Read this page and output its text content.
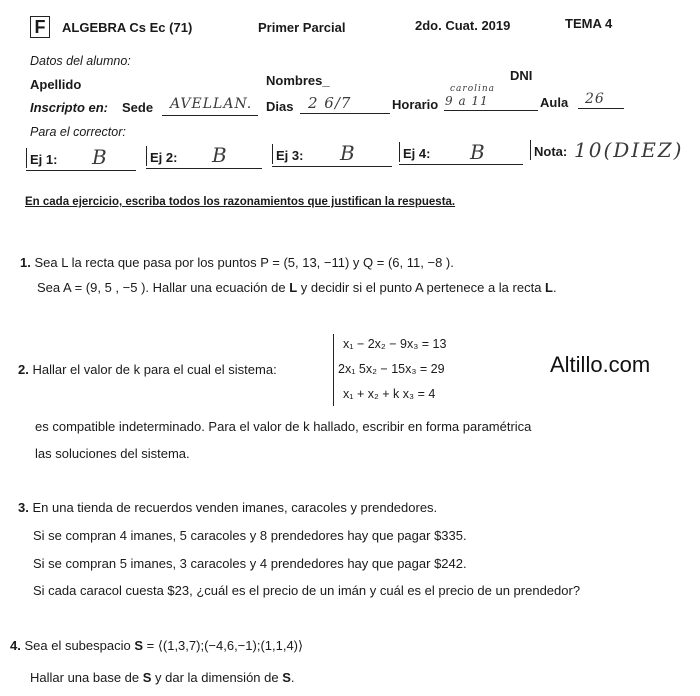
F	ALGEBRA Cs Ec (71)	Primer Parcial	2do. Cuat. 2019	TEMA 4
Datos del alumno:
Apellido	Nombres_	DNI
Inscripto en: Sede AVELLAN. Dias 2 6/7	Horario
carolina
9 a 11	Aula 26
Para el corrector:
Ej 1: B	Ej 2: B	Ej 3: B	Ej 4: B	Nota: 10(DIEZ)
En cada ejercicio, escriba todos los razonamientos que justifican la respuesta.
1. Sea L la recta que pasa por los puntos P = (5, 13, −11) y Q = (6, 11, −8 ).
Sea A = (9, 5 , −5 ). Hallar una ecuación de L y decidir si el punto A pertenece a la recta L.
2. Hallar el valor de k para el cual el sistema:
x₁ − 2x₂ − 9x₃ = 13
2x₁ 5x₂ − 15x₃ = 29
x₁ + x₂ + k x₃ = 4
Altillo.com
es compatible indeterminado. Para el valor de k hallado, escribir en forma paramétrica
las soluciones del sistema.
3. En una tienda de recuerdos venden imanes, caracoles y prendedores.
Si se compran 4 imanes, 5 caracoles y 8 prendedores hay que pagar $335.
Si se compran 5 imanes, 3 caracoles y 4 prendedores hay que pagar $242.
Si cada caracol cuesta $23, ¿cuál es el precio de un imán y cuál es el precio de un prendedor?
4. Sea el subespacio S = ⟨(1,3,7);(−4,6,−1);(1,1,4)⟩
Hallar una base de S y dar la dimensión de S.
